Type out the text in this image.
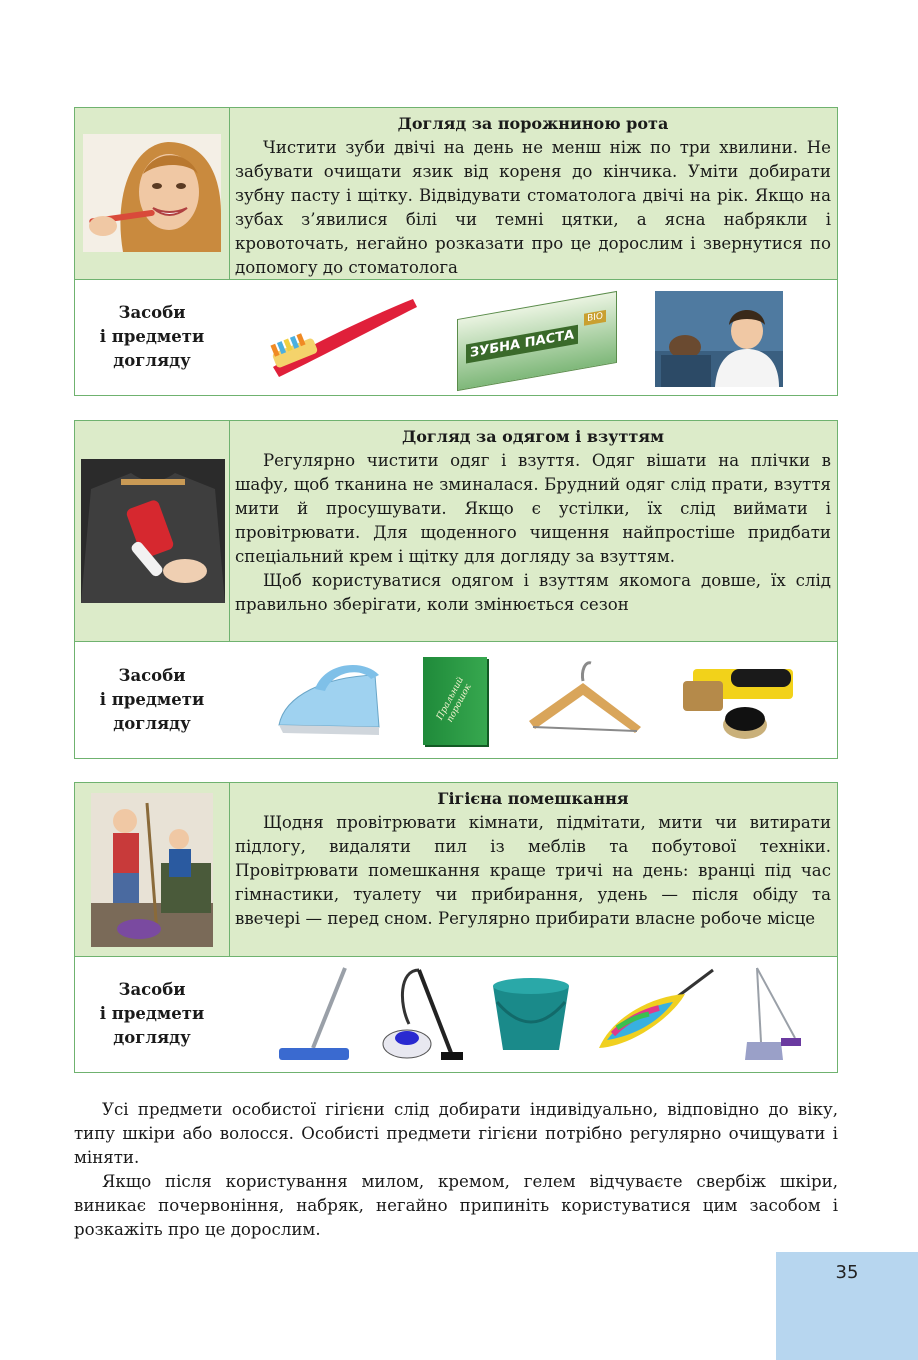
Догляд за порожниною рота

Чистити зуби двічі на день не менш ніж по три хвилини. Не забувати очищати язик від кореня до кінчика. Уміти добирати зубну пасту і щітку. Відвідувати стоматолога двічі на рік. Якщо на зубах з’явилися білі чи темні цятки, а ясна набрякли і кровоточать, негайно розказати про це дорослим і звернутися по допомогу до стоматолога

Засоби
і предмети
догляду	ЗУБНА ПАСТА
BIO
Догляд за одягом і взуттям

Регулярно чистити одяг і взуття. Одяг вішати на плічки в шафу, щоб тканина не зминалася. Брудний одяг слід прати, взуття мити й просушувати. Якщо є устілки, їх слід виймати і провітрювати. Для щоденного чищення найпростіше придбати спеціальний крем і щітку для догляду за взуттям.

Щоб користуватися одягом і взуттям якомога довше, їх слід правильно зберігати, коли змінюється сезон

Засоби
і предмети
догляду
Пральний порошок
Гігієна помешкання

Щодня провітрювати кімнати, підмітати, мити чи витирати підлогу, видаляти пил із меблів та побутової техніки. Провітрювати помешкання краще тричі на день: вранці під час гімнастики, туалету чи прибирання, удень — після обіду та ввечері — перед сном. Регулярно прибирати власне робоче місце

Засоби
і предмети
догляду

Усі предмети особистої гігієни слід добирати індивідуально, відповідно до віку, типу шкіри або волосся. Особисті предмети гігієни потрібно регулярно очищувати і міняти.

Якщо після користування милом, кремом, гелем відчуваєте свербіж шкіри, виникає почервоніння, набряк, негайно припиніть користуватися цим засобом і розкажіть про це дорослим.

35
